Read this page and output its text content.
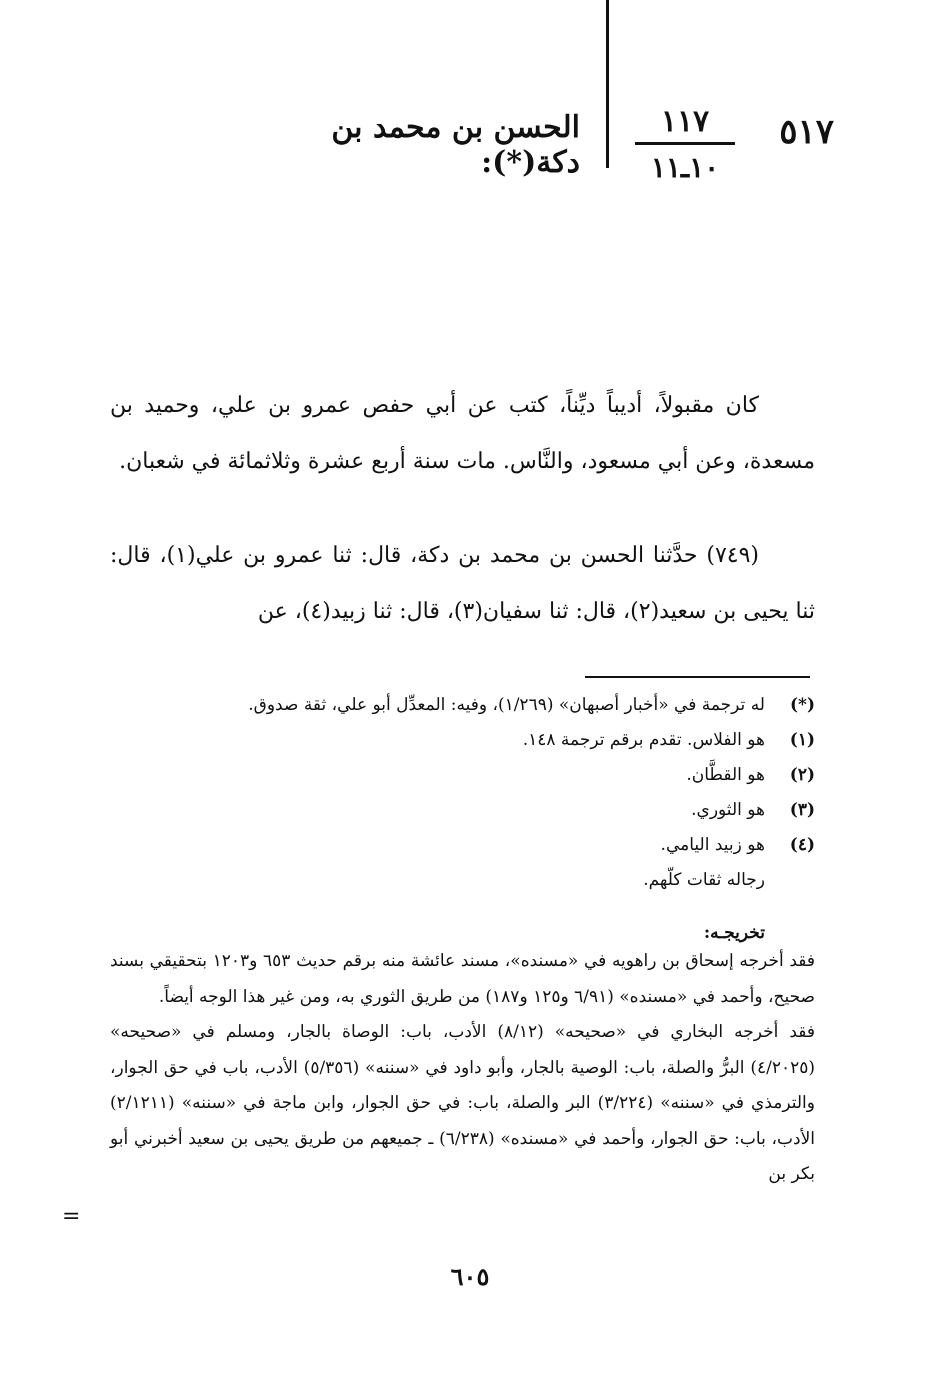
٥١٧
١١٧
١٠ـ١١
الحسن بن محمد بن دكة(*):
كان مقبولاً، أديباً ديِّناً، كتب عن أبي حفص عمرو بن علي، وحميد بن مسعدة، وعن أبي مسعود، والنَّاس. مات سنة أربع عشرة وثلاثمائة في شعبان.
(٧٤٩) حدَّثنا الحسن بن محمد بن دكة، قال: ثنا عمرو بن علي(١)، قال: ثنا يحيى بن سعيد(٢)، قال: ثنا سفيان(٣)، قال: ثنا زبيد(٤)، عن
(*)
له ترجمة في «أخبار أصبهان» (١/٢٦٩)، وفيه: المعدِّل أبو علي، ثقة صدوق.
(١)
هو الفلاس. تقدم برقم ترجمة ١٤٨.
(٢)
هو القطَّان.
(٣)
هو الثوري.
(٤)
هو زبيد اليامي.
رجاله ثقات كلّهم.
تخريجـه:
فقد أخرجه إسحاق بن راهويه في «مسنده»، مسند عائشة منه برقم حديث ٦٥٣ و١٢٠٣ بتحقيقي بسند صحيح، وأحمد في «مسنده» (٦/٩١ و١٢٥ و١٨٧) من طريق الثوري به، ومن غير هذا الوجه أيضاً.
فقد أخرجه البخاري في «صحيحه» (٨/١٢) الأدب، باب: الوصاة بالجار، ومسلم في «صحيحه» (٤/٢٠٢٥) البرُّ والصلة، باب: الوصية بالجار، وأبو داود في «سننه» (٥/٣٥٦) الأدب، باب في حق الجوار، والترمذي في «سننه» (٣/٢٢٤) البر والصلة، باب: في حق الجوار، وابن ماجة في «سننه» (٢/١٢١١) الأدب، باب: حق الجوار، وأحمد في «مسنده» (٦/٢٣٨) ـ جميعهم من طريق يحيى بن سعيد أخبرني أبو بكر بن
=
٦٠٥
